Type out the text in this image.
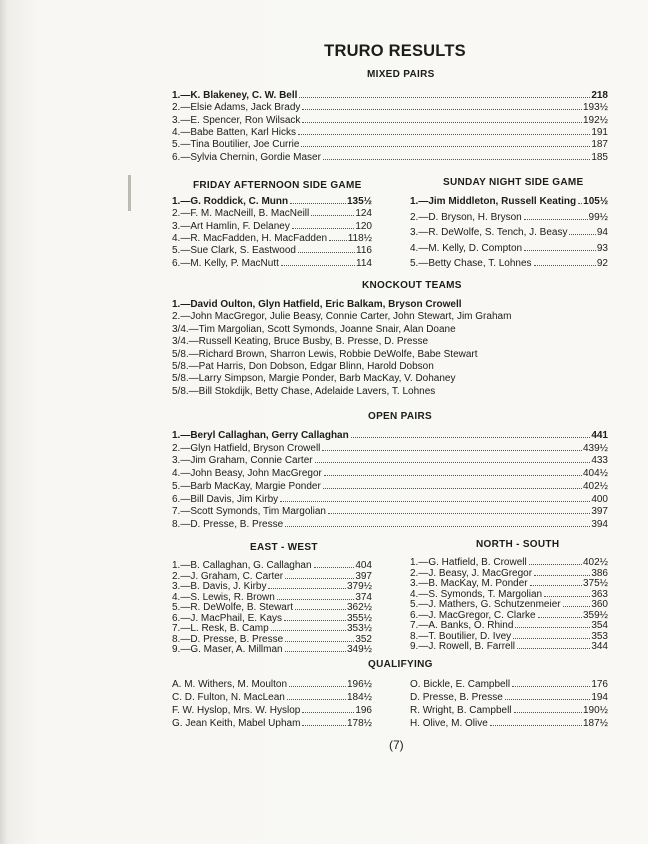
TRURO RESULTS
MIXED PAIRS
1.—K. Blakeney, C. W. Bell	218
2.—Elsie Adams, Jack Brady	193½
3.—E. Spencer, Ron Wilsack	192½
4.—Babe Batten, Karl Hicks	191
5.—Tina Boutilier, Joe Currie	187
6.—Sylvia Chernin, Gordie Maser	185
FRIDAY AFTERNOON SIDE GAME
1.—G. Roddick, C. Munn	135½
2.—F. M. MacNeill, B. MacNeill	124
3.—Art Hamlin, F. Delaney	120
4.—R. MacFadden, H. MacFadden 118½
5.—Sue Clark, S. Eastwood	116
6.—M. Kelly, P. MacNutt	114
SUNDAY NIGHT SIDE GAME
1.—Jim Middleton, Russell Keating 105½
2.—D. Bryson, H. Bryson	99½
3.—R. DeWolfe, S. Tench, J. Beasy	94
4.—M. Kelly, D. Compton	93
5.—Betty Chase, T. Lohnes	92
KNOCKOUT TEAMS
1.—David Oulton, Glyn Hatfield, Eric Balkam, Bryson Crowell
2.—John MacGregor, Julie Beasy, Connie Carter, John Stewart, Jim Graham
3/4.—Tim Margolian, Scott Symonds, Joanne Snair, Alan Doane
3/4.—Russell Keating, Bruce Busby, B. Presse, D. Presse
5/8.—Richard Brown, Sharron Lewis, Robbie DeWolfe, Babe Stewart
5/8.—Pat Harris, Don Dobson, Edgar Blinn, Harold Dobson
5/8.—Larry Simpson, Margie Ponder, Barb MacKay, V. Dohaney
5/8.—Bill Stokdijk, Betty Chase, Adelaide Lavers, T. Lohnes
OPEN PAIRS
1.—Beryl Callaghan, Gerry Callaghan	441
2.—Glyn Hatfield, Bryson Crowell	439½
3.—Jim Graham, Connie Carter	433
4.—John Beasy, John MacGregor	404½
5.—Barb MacKay, Margie Ponder	402½
6.—Bill Davis, Jim Kirby	400
7.—Scott Symonds, Tim Margolian	397
8.—D. Presse, B. Presse	394
EAST - WEST
1.—B. Callaghan, G. Callaghan	404
2.—J. Graham, C. Carter	397
3.—B. Davis, J. Kirby	379½
4.—S. Lewis, R. Brown	374
5.—R. DeWolfe, B. Stewart	362½
6.—J. MacPhail, E. Kays	355½
7.—L. Resk, B. Camp	353½
8.—D. Presse, B. Presse	352
9.—G. Maser, A. Millman	349½
NORTH - SOUTH
1.—G. Hatfield, B. Crowell	402½
2.—J. Beasy, J. MacGregor	386
3.—B. MacKay, M. Ponder	375½
4.—S. Symonds, T. Margolian	363
5.—J. Mathers, G. Schutzenmeier	360
6.—J. MacGregor, C. Clarke	359½
7.—A. Banks, O. Rhind	354
8.—T. Boutilier, D. Ivey	353
9.—J. Rowell, B. Farrell	344
QUALIFYING
A. M. Withers, M. Moulton	196½
C. D. Fulton, N. MacLean	184½
F. W. Hyslop, Mrs. W. Hyslop	196
G. Jean Keith, Mabel Upham	178½
O. Bickle, E. Campbell	176
D. Presse, B. Presse	194
R. Wright, B. Campbell	190½
H. Olive, M. Olive	187½
(7)
